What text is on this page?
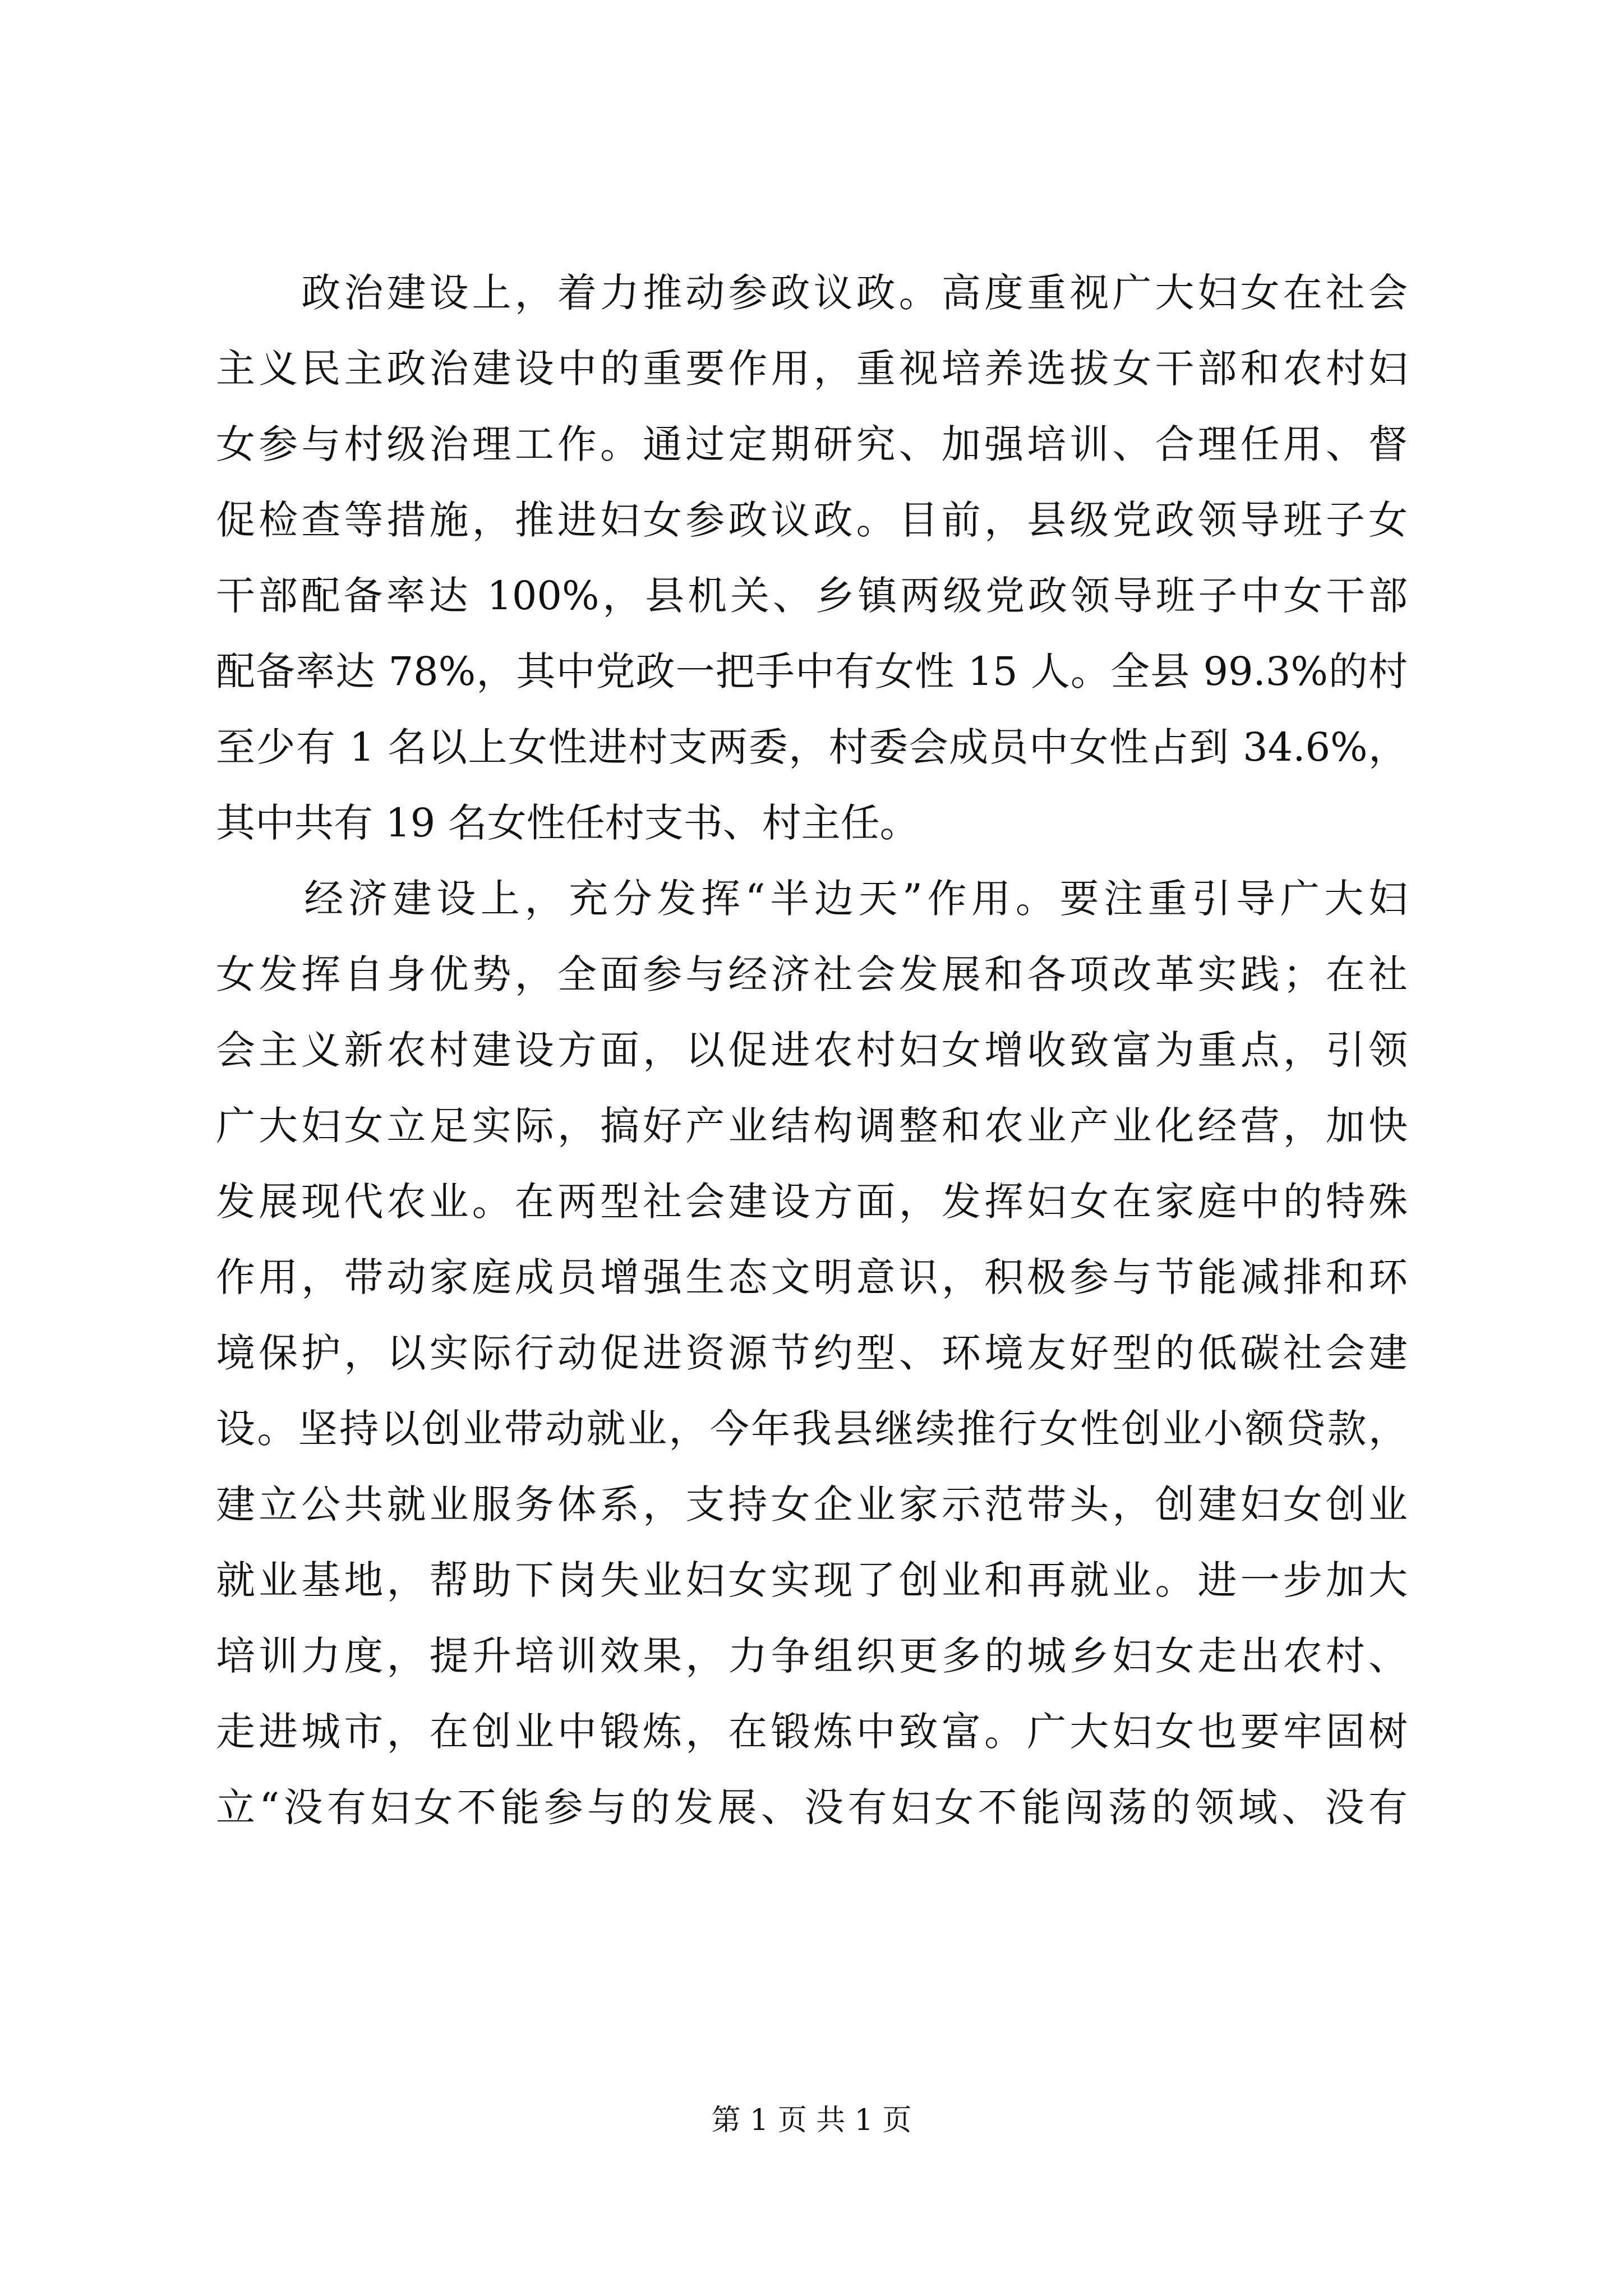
　　政治建设上，着力推动参政议政。高度重视广大妇女在社会
主义民主政治建设中的重要作用，重视培养选拔女干部和农村妇
女参与村级治理工作。通过定期研究、加强培训、合理任用、督
促检查等措施，推进妇女参政议政。目前，县级党政领导班子女
干部配备率达 100%，县机关、乡镇两级党政领导班子中女干部
配备率达 78%，其中党政一把手中有女性 15 人。全县 99.3%的村
至少有 1 名以上女性进村支两委，村委会成员中女性占到 34.6%，
其中共有 19 名女性任村支书、村主任。
　　经济建设上，充分发挥“半边天”作用。要注重引导广大妇
女发挥自身优势，全面参与经济社会发展和各项改革实践；在社
会主义新农村建设方面，以促进农村妇女增收致富为重点，引领
广大妇女立足实际，搞好产业结构调整和农业产业化经营，加快
发展现代农业。在两型社会建设方面，发挥妇女在家庭中的特殊
作用，带动家庭成员增强生态文明意识，积极参与节能减排和环
境保护，以实际行动促进资源节约型、环境友好型的低碳社会建
设。坚持以创业带动就业，今年我县继续推行女性创业小额贷款，
建立公共就业服务体系，支持女企业家示范带头，创建妇女创业
就业基地，帮助下岗失业妇女实现了创业和再就业。进一步加大
培训力度，提升培训效果，力争组织更多的城乡妇女走出农村、
走进城市，在创业中锻炼，在锻炼中致富。广大妇女也要牢固树
立“没有妇女不能参与的发展、没有妇女不能闯荡的领域、没有
第 1 页 共 1 页
